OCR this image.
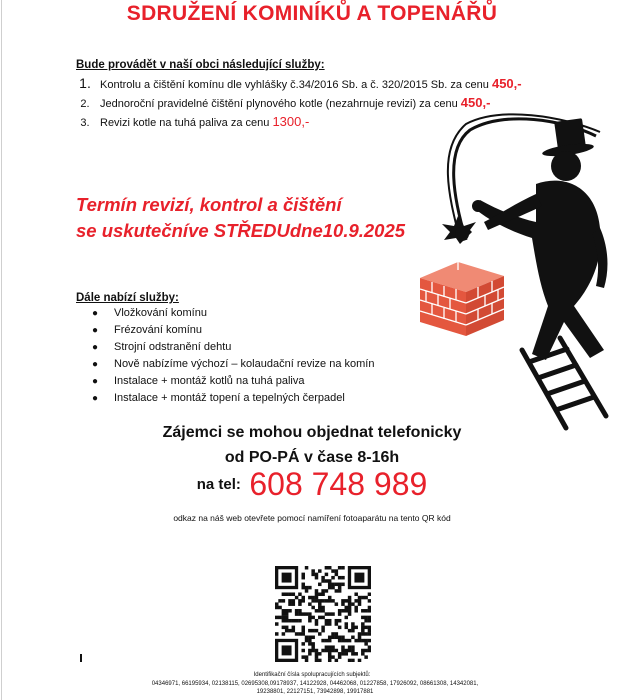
SDRUŽENÍ KOMINÍKŮ A TOPENÁŘŮ
Bude provádět v naší obci následující služby:
1. Kontrolu a čištění komínu dle vyhlášky č.34/2016 Sb. a č. 320/2015 Sb. za cenu 450,-
2. Jednoroční pravidelné čištění plynového kotle (nezahrnuje revizi) za cenu 450,-
3. Revizi kotle na tuhá paliva za cenu 1300,-
Termín revizí, kontrol a čištění
se uskutečníve STŘEDUdne10.9.2025
Dále nabízí služby:
● Vložkování komínu
● Frézování komínu
● Strojní odstranění dehtu
● Nově nabízíme výchozí – kolaudační revize na komín
● Instalace + montáž kotlů na tuhá paliva
● Instalace + montáž topení a tepelných čerpadel
Zájemci se mohou objednat telefonicky
od PO-PÁ v čase 8-16h
na tel: 608 748 989
odkaz na náš web otevřete pomocí namíření fotoaparátu na tento QR kód
Identifikační čísla spolupracujících subjektů:
04346971, 66195934, 02138115, 02695308,09178937, 14122928, 04462068, 01227858, 17926092, 08661308, 14342081, 19238801, 22127151, 73942898, 19917881
